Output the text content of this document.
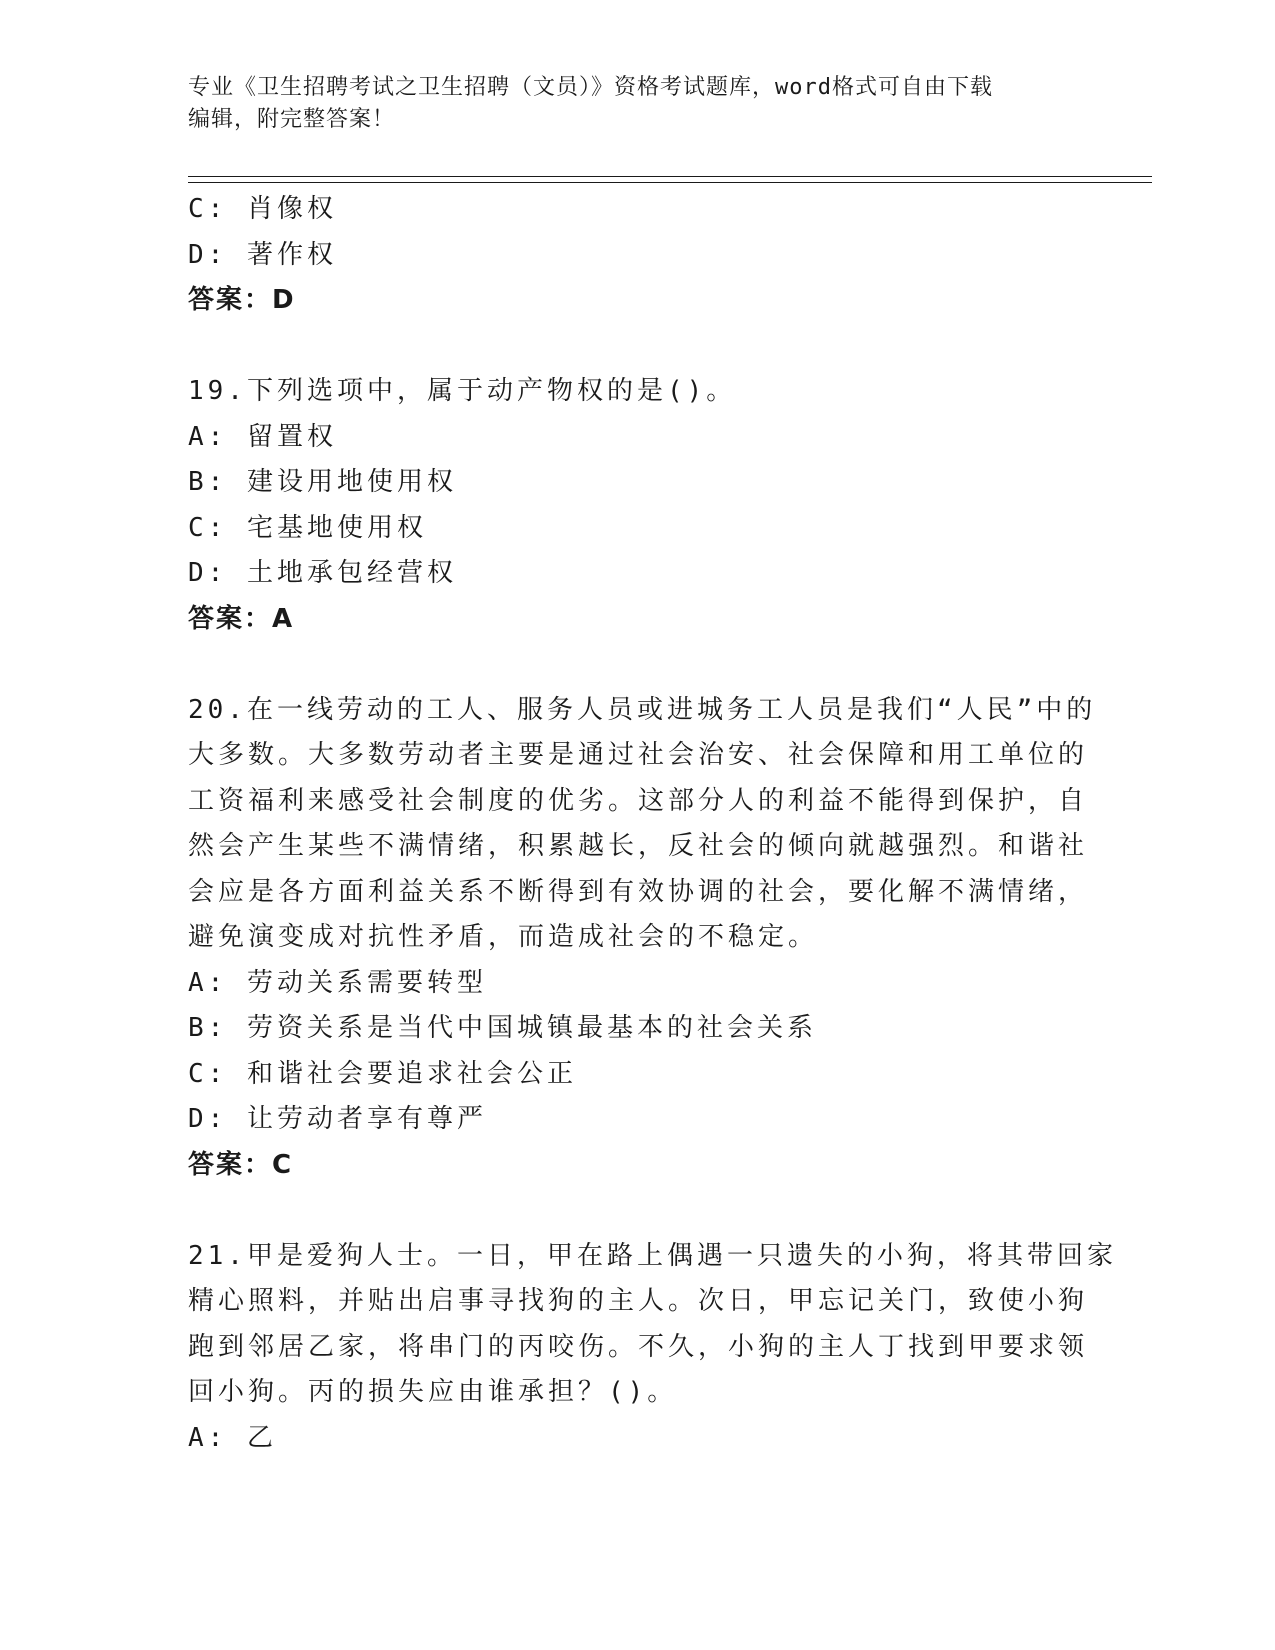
专业《卫生招聘考试之卫生招聘（文员）》资格考试题库，word格式可自由下载
编辑，附完整答案！
C: 肖像权
D: 著作权
答案：D

19.下列选项中，属于动产物权的是()。

A: 留置权
B: 建设用地使用权
C: 宅基地使用权
D: 土地承包经营权
答案：A

20.在一线劳动的工人、服务人员或进城务工人员是我们“人民”中的

大多数。大多数劳动者主要是通过社会治安、社会保障和用工单位的

工资福利来感受社会制度的优劣。这部分人的利益不能得到保护，自

然会产生某些不满情绪，积累越长，反社会的倾向就越强烈。和谐社

会应是各方面利益关系不断得到有效协调的社会，要化解不满情绪，

避免演变成对抗性矛盾，而造成社会的不稳定。

A: 劳动关系需要转型
B: 劳资关系是当代中国城镇最基本的社会关系
C: 和谐社会要追求社会公正
D: 让劳动者享有尊严
答案：C

21.甲是爱狗人士。一日，甲在路上偶遇一只遗失的小狗，将其带回家

精心照料，并贴出启事寻找狗的主人。次日，甲忘记关门，致使小狗

跑到邻居乙家，将串门的丙咬伤。不久，小狗的主人丁找到甲要求领

回小狗。丙的损失应由谁承担？()。

A: 乙
